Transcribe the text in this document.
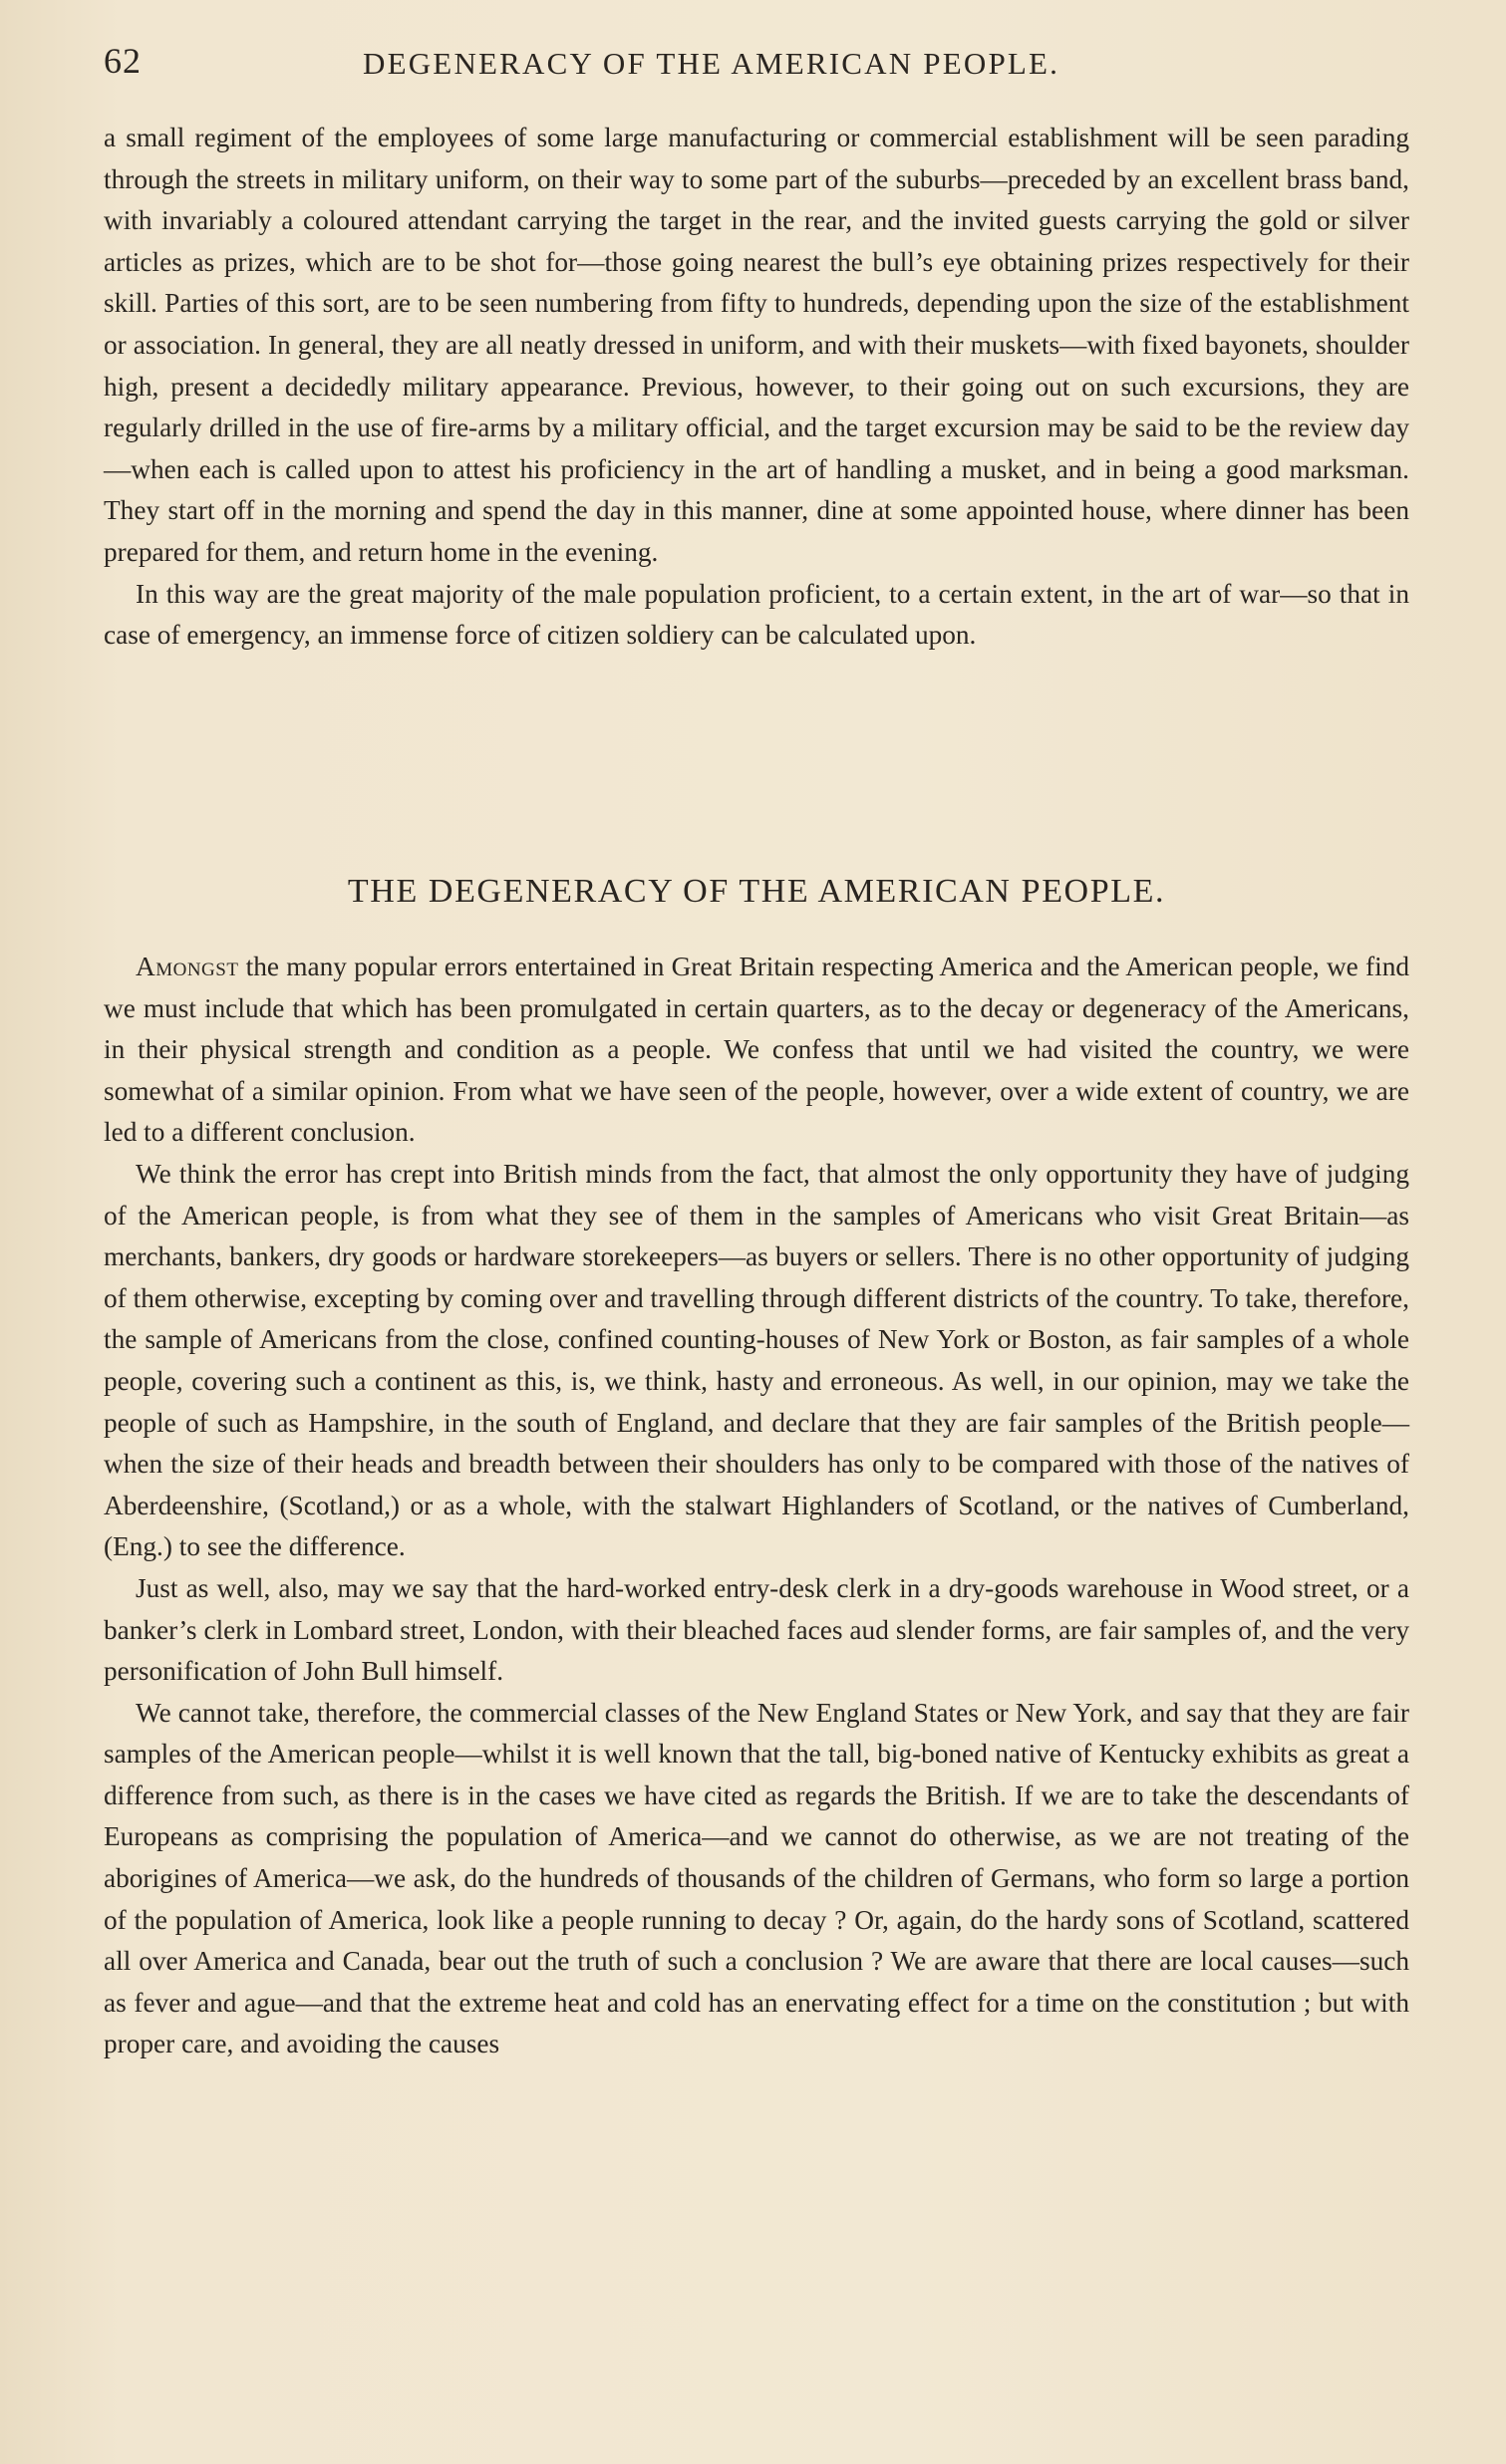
62	DEGENERACY OF THE AMERICAN PEOPLE.

a small regiment of the employees of some large manufacturing or commercial establishment will be seen parading through the streets in military uniform, on their way to some part of the suburbs—preceded by an excellent brass band, with invariably a coloured attendant carrying the target in the rear, and the invited guests carrying the gold or silver articles as prizes, which are to be shot for—those going nearest the bull’s eye obtaining prizes respectively for their skill. Parties of this sort, are to be seen numbering from fifty to hundreds, depending upon the size of the establishment or association. In general, they are all neatly dressed in uniform, and with their muskets—with fixed bayonets, shoulder high, present a decidedly military appearance. Previous, however, to their going out on such excursions, they are regularly drilled in the use of fire-arms by a military official, and the target excursion may be said to be the review day—when each is called upon to attest his proficiency in the art of handling a musket, and in being a good marksman. They start off in the morning and spend the day in this manner, dine at some appointed house, where dinner has been prepared for them, and return home in the evening.

In this way are the great majority of the male population proficient, to a certain extent, in the art of war—so that in case of emergency, an immense force of citizen soldiery can be calculated upon.

THE DEGENERACY OF THE AMERICAN PEOPLE.

Amongst the many popular errors entertained in Great Britain respecting America and the American people, we find we must include that which has been promulgated in certain quarters, as to the decay or degeneracy of the Americans, in their physical strength and condition as a people. We confess that until we had visited the country, we were somewhat of a similar opinion. From what we have seen of the people, however, over a wide extent of country, we are led to a different conclusion.

We think the error has crept into British minds from the fact, that almost the only opportunity they have of judging of the American people, is from what they see of them in the samples of Americans who visit Great Britain—as merchants, bankers, dry goods or hardware storekeepers—as buyers or sellers. There is no other opportunity of judging of them otherwise, excepting by coming over and travelling through different districts of the country. To take, therefore, the sample of Americans from the close, confined counting-houses of New York or Boston, as fair samples of a whole people, covering such a continent as this, is, we think, hasty and erroneous. As well, in our opinion, may we take the people of such as Hampshire, in the south of England, and declare that they are fair samples of the British people—when the size of their heads and breadth between their shoulders has only to be compared with those of the natives of Aberdeenshire, (Scotland,) or as a whole, with the stalwart Highlanders of Scotland, or the natives of Cumberland, (Eng.) to see the difference.

Just as well, also, may we say that the hard-worked entry-desk clerk in a dry-goods warehouse in Wood street, or a banker’s clerk in Lombard street, London, with their bleached faces aud slender forms, are fair samples of, and the very personification of John Bull himself.

We cannot take, therefore, the commercial classes of the New England States or New York, and say that they are fair samples of the American people—whilst it is well known that the tall, big-boned native of Kentucky exhibits as great a difference from such, as there is in the cases we have cited as regards the British. If we are to take the descendants of Europeans as comprising the population of America—and we cannot do otherwise, as we are not treating of the aborigines of America—we ask, do the hundreds of thousands of the children of Germans, who form so large a portion of the population of America, look like a people running to decay ? Or, again, do the hardy sons of Scotland, scattered all over America and Canada, bear out the truth of such a conclusion ? We are aware that there are local causes—such as fever and ague—and that the extreme heat and cold has an enervating effect for a time on the constitution ; but with proper care, and avoiding the causes
